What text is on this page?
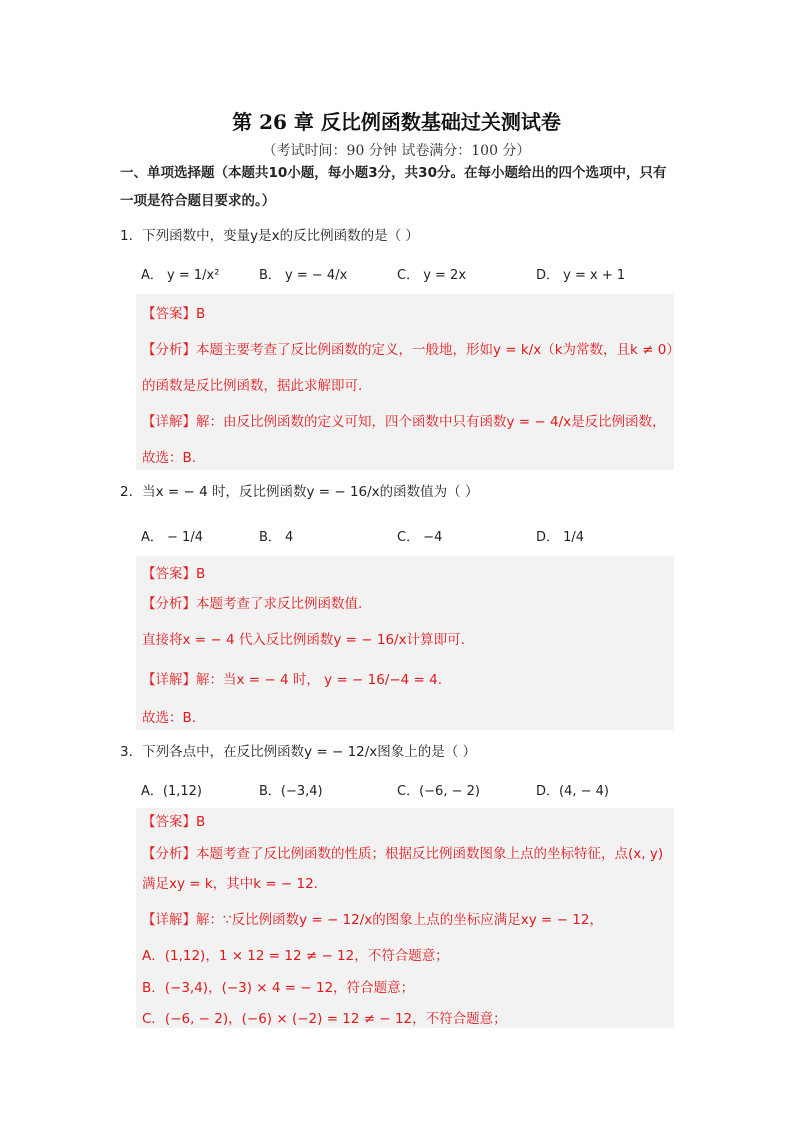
第 26 章 反比例函数基础过关测试卷
（考试时间：90 分钟 试卷满分：100 分）
一、单项选择题（本题共10小题，每小题3分，共30分。在每小题给出的四个选项中，只有
一项是符合题目要求的。）
1．下列函数中，变量y是x的反比例函数的是（ ）
A． y = 1/x²	B． y = − 4/x	C． y = 2x	D． y = x + 1
【答案】B
【分析】本题主要考查了反比例函数的定义，一般地，形如y = k/x（k为常数，且k ≠ 0）
的函数是反比例函数，据此求解即可.
【详解】解：由反比例函数的定义可知，四个函数中只有函数y = − 4/x是反比例函数，
故选：B.
2．当x = − 4 时，反比例函数y = − 16/x的函数值为（ ）
A． − 1/4	B． 4	C． −4	D． 1/4
【答案】B
【分析】本题考查了求反比例函数值.
直接将x = − 4 代入反比例函数y = − 16/x计算即可.
【详解】解：当x = − 4 时， y = − 16/−4 = 4.
故选：B.
3．下列各点中，在反比例函数y = − 12/x图象上的是（ ）
A．(1,12)	B．(−3,4)	C．(−6, − 2)	D．(4, − 4)
【答案】B
【分析】本题考查了反比例函数的性质；根据反比例函数图象上点的坐标特征，点(x, y)
满足xy = k，其中k = − 12.
【详解】解：∵反比例函数y = − 12/x的图象上点的坐标应满足xy = − 12，
A．(1,12)，1 × 12 = 12 ≠ − 12，不符合题意；
B．(−3,4)，(−3) × 4 = − 12，符合题意；
C．(−6, − 2)，(−6) × (−2) = 12 ≠ − 12，不符合题意；
